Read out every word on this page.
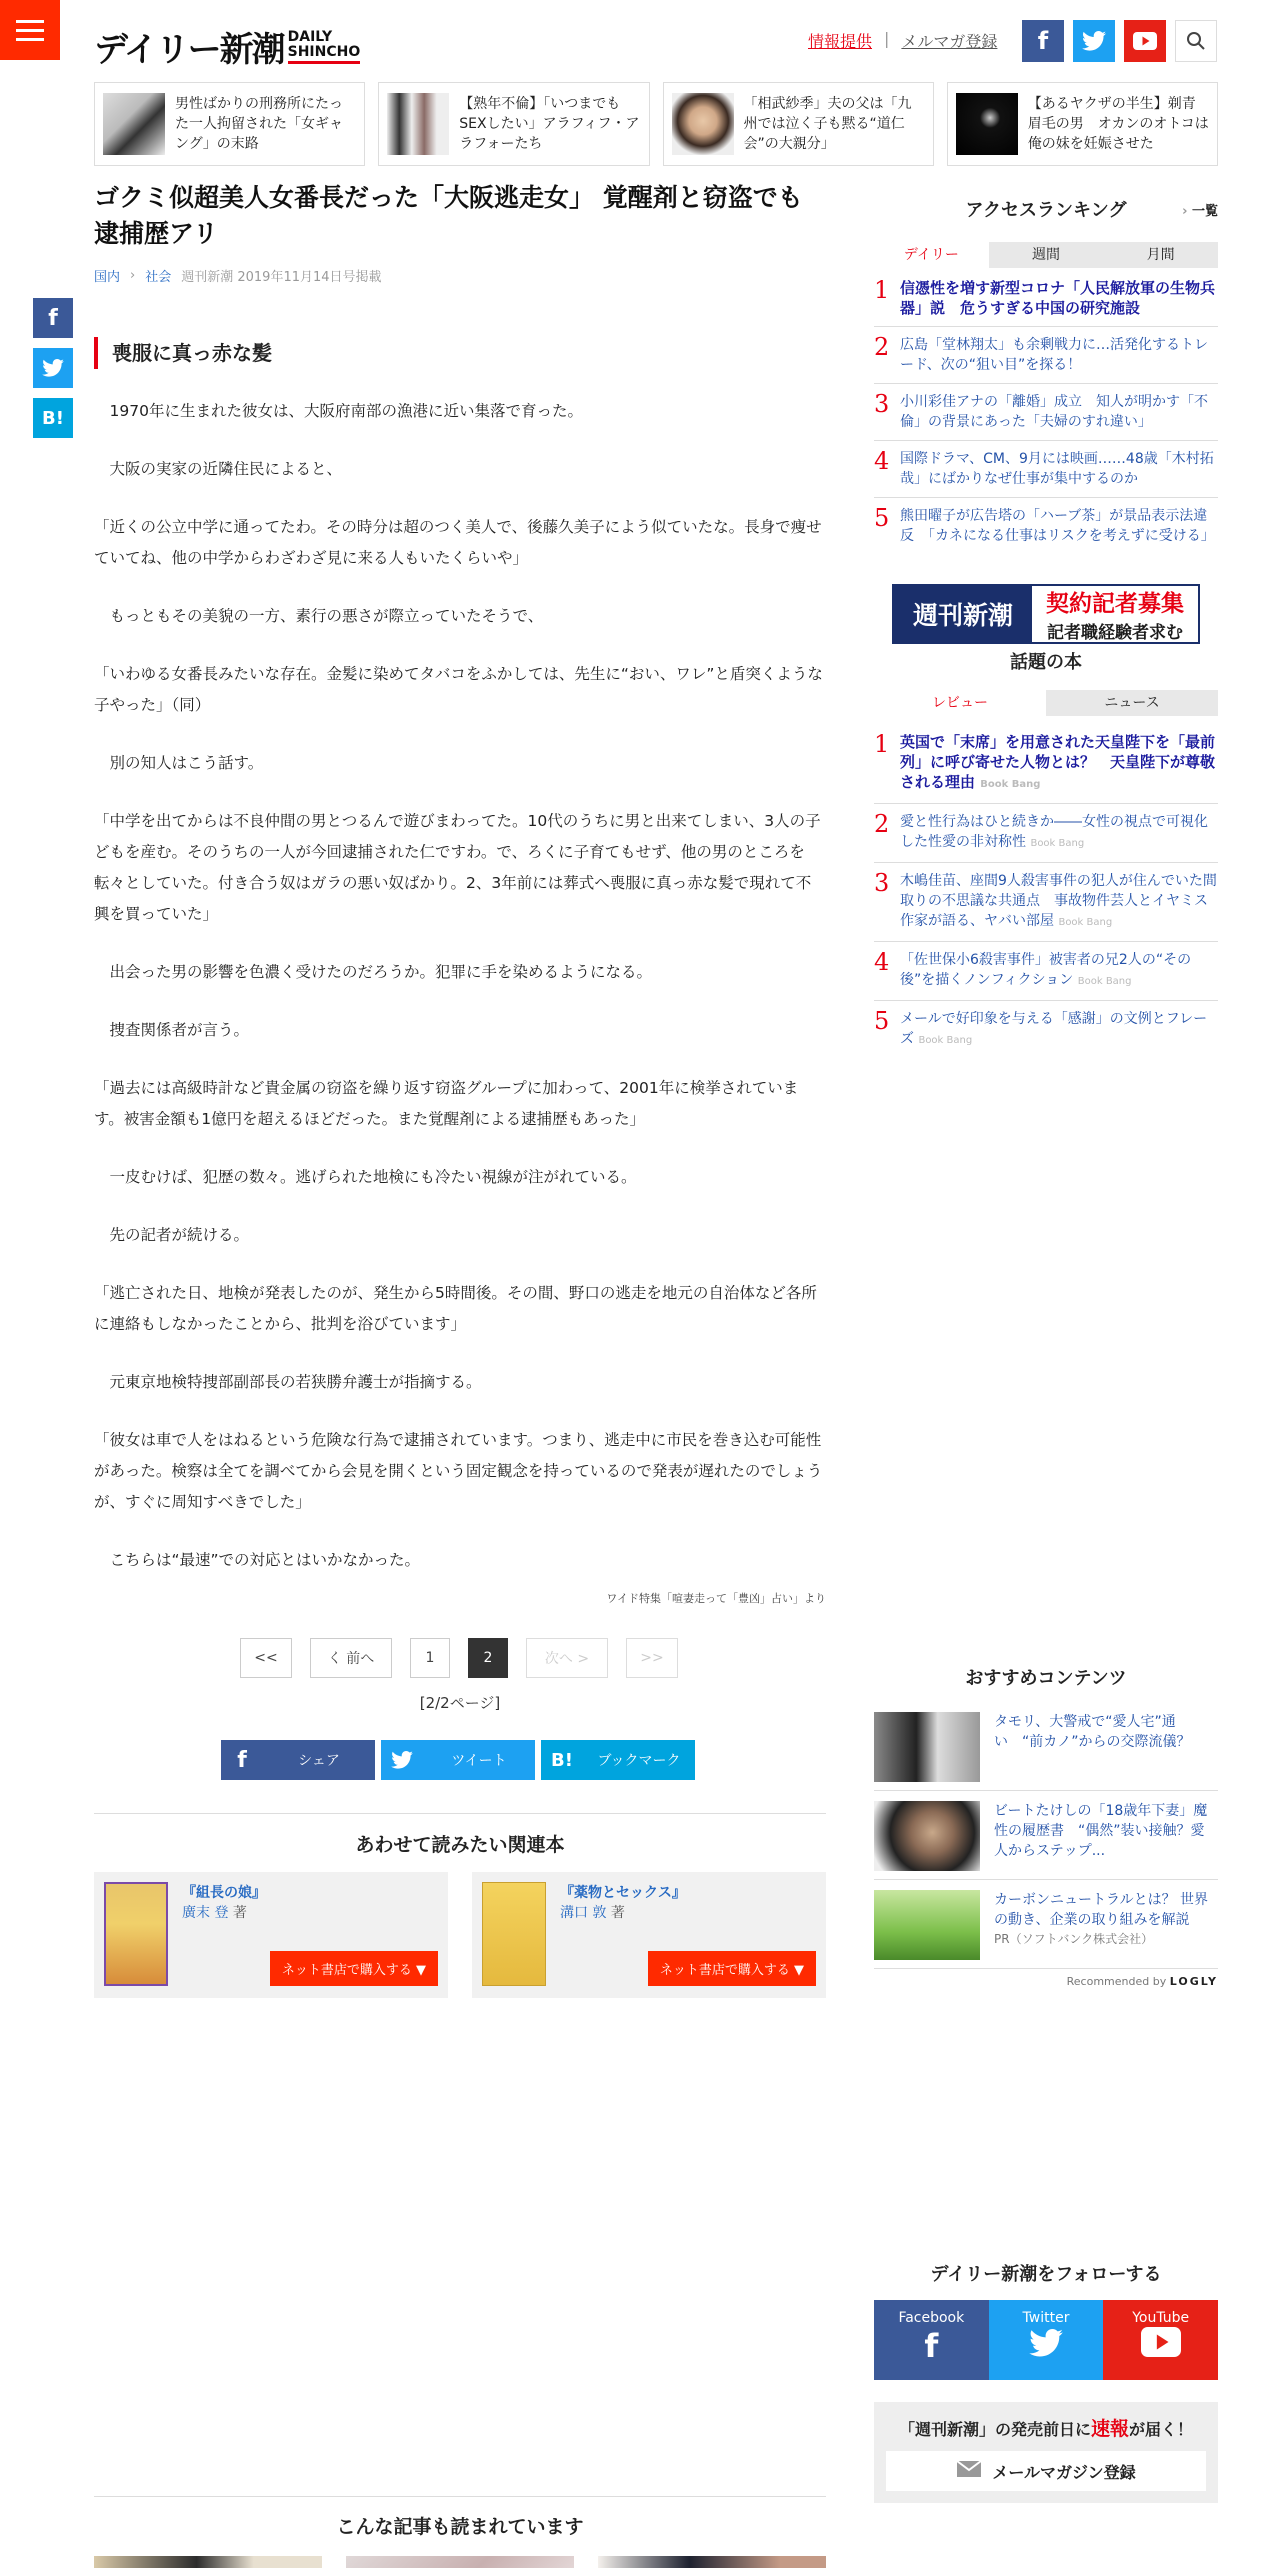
デイリー新潮 DAILY
SHINCHO
情報提供 | メルマガ登録	f
男性ばかりの刑務所にたった一人拘留された「女ギャング」の末路
【熟年不倫】「いつまでもSEXしたい」アラフィフ・アラフォーたち
「相武紗季」夫の父は「九州では泣く子も黙る“道仁会”の大親分」
【あるヤクザの半生】剃青眉毛の男　オカンのオトコは俺の妹を妊娠させた
f
B!
ゴクミ似超美人女番長だった「大阪逃走女」 覚醒剤と窃盗でも逮捕歴アリ
国内 › 社会 週刊新潮 2019年11月14日号掲載
喪服に真っ赤な髪

　1970年に生まれた彼女は、大阪府南部の漁港に近い集落で育った。

　大阪の実家の近隣住民によると、

「近くの公立中学に通ってたわ。その時分は超のつく美人で、後藤久美子によう似ていたな。長身で痩せていてね、他の中学からわざわざ見に来る人もいたくらいや」

　もっともその美貌の一方、素行の悪さが際立っていたそうで、

「いわゆる女番長みたいな存在。金髪に染めてタバコをふかしては、先生に“おい、ワレ”と盾突くような子やった」（同）

　別の知人はこう話す。

「中学を出てからは不良仲間の男とつるんで遊びまわってた。10代のうちに男と出来てしまい、3人の子どもを産む。そのうちの一人が今回逮捕された仁ですわ。で、ろくに子育てもせず、他の男のところを転々としていた。付き合う奴はガラの悪い奴ばかり。2、3年前には葬式へ喪服に真っ赤な髪で現れて不興を買っていた」

　出会った男の影響を色濃く受けたのだろうか。犯罪に手を染めるようになる。

　捜査関係者が言う。

「過去には高級時計など貴金属の窃盗を繰り返す窃盗グループに加わって、2001年に検挙されています。被害金額も1億円を超えるほどだった。また覚醒剤による逮捕歴もあった」

　一皮むけば、犯歴の数々。逃げられた地検にも冷たい視線が注がれている。

　先の記者が続ける。

「逃亡された日、地検が発表したのが、発生から5時間後。その間、野口の逃走を地元の自治体など各所に連絡もしなかったことから、批判を浴びています」

　元東京地検特捜部副部長の若狭勝弁護士が指摘する。

「彼女は車で人をはねるという危険な行為で逮捕されています。つまり、逃走中に市民を巻き込む可能性があった。検察は全てを調べてから会見を開くという固定観念を持っているので発表が遅れたのでしょうが、すぐに周知すべきでした」

　こちらは“最速”での対応とはいかなかった。

ワイド特集「喧妻走って「豊凶」占い」より
<<	く 前へ	1	2	次へ >	>>
[2/2ページ]
f	シェア	ツイート	B!	ブックマーク
あわせて読みたい関連本
『組長の娘』
廣末 登 著
ネット書店で購入する ▼
『薬物とセックス』
溝口 敦 著
ネット書店で購入する ▼
こんな記事も読まれています
アクセスランキング	› 一覧
デイリー	週間	月間
1 信憑性を増す新型コロナ「人民解放軍の生物兵器」説　危うすぎる中国の研究施設
2 広島「堂林翔太」も余剰戦力に…活発化するトレード、次の“狙い目”を探る！
3 小川彩佳アナの「離婚」成立　知人が明かす「不倫」の背景にあった「夫婦のすれ違い」
4 国際ドラマ、CM、9月には映画……48歳「木村拓哉」にばかりなぜ仕事が集中するのか
5 熊田曜子が広告塔の「ハーブ茶」が景品表示法違反　「カネになる仕事はリスクを考えずに受ける」
週刊新潮	契約記者募集
記者職経験者求む
話題の本
レビュー	ニュース
1 英国で「末席」を用意された天皇陛下を「最前列」に呼び寄せた人物とは？　天皇陛下が尊敬される理由 Book Bang
2 愛と性行為はひと続きか――女性の視点で可視化した性愛の非対称性 Book Bang
3 木嶋佳苗、座間9人殺害事件の犯人が住んでいた間取りの不思議な共通点　事故物件芸人とイヤミス作家が語る、ヤバい部屋 Book Bang
4 「佐世保小6殺害事件」被害者の兄2人の“その後”を描くノンフィクション Book Bang
5 メールで好印象を与える「感謝」の文例とフレーズ Book Bang
おすすめコンテンツ
タモリ、大警戒で“愛人宅”通い　“前カノ”からの交際流儀？
ビートたけしの「18歳年下妻」魔性の履歴書　“偶然”装い接触？愛人からステップ...
カーボンニュートラルとは？ 世界の動き、企業の取り組みを解説
PR（ソフトバンク株式会社）
Recommended by LOGLY
デイリー新潮をフォローする
Facebook
f
Twitter	YouTube
「週刊新潮」の発売前日に速報が届く！
メールマガジン登録
